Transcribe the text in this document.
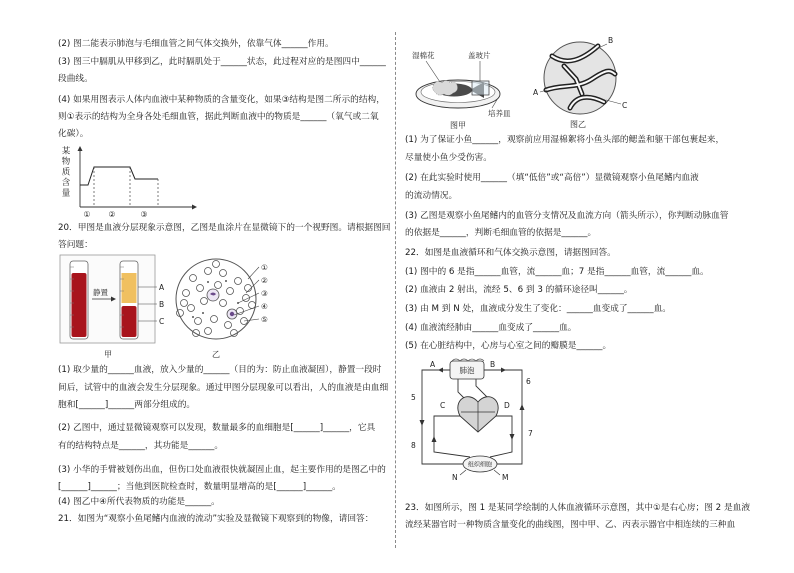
(2) 图二能表示肺泡与毛细血管之间气体交换外，依靠气体______作用。
(3) 图三中膈肌从甲移到乙，此时膈肌处于______状态，此过程对应的是图四中______
段曲线。
(4) 如果用图表示人体内血液中某种物质的含量变化，如果③结构是图二所示的结构，
则①表示的结构为全身各处毛细血管，据此判断血液中的物质是______（氧气或二氧
化碳）。
某物质含量
① ②	③
20．甲图是血液分层现象示意图，乙图是血涂片在显微镜下的一个视野图。请根据图回
答问题：
静置
A
B
C
①
②
③
④
⑤
甲	乙
(1) 取少量的______血液，放入少量的______（目的为：防止血液凝固），静置一段时
间后，试管中的血液会发生分层现象。通过甲图分层现象可以看出，人的血液是由血细
胞和[______]______两部分组成的。
(2) 乙图中，通过显微镜观察可以发现，数量最多的血细胞是[______]______，它具
有的结构特点是______，其功能是______。
(3) 小华的手臂被划伤出血，但伤口处血液很快就凝固止血，起主要作用的是图乙中的
[______]______；当他到医院检查时，数量明显增高的是[______]______。
(4) 图乙中④所代表物质的功能是______。
21．如图为“观察小鱼尾鳍内血液的流动”实验及显微镜下观察到的物像，请回答：
湿棉花	盖玻片
培养皿
图甲
A
B
C
图乙
(1) 为了保证小鱼______，观察前应用湿棉絮将小鱼头部的鳃盖和躯干部包裹起来，
尽量使小鱼少受伤害。
(2) 在此实验时使用______（填“低倍”或“高倍”）显微镜观察小鱼尾鳍内血液
的流动情况。
(3) 乙图是观察小鱼尾鳍内的血管分支情况及血流方向（箭头所示），你判断动脉血管
的依据是______，判断毛细血管的依据是______。
22．如图是血液循环和气体交换示意图，请据图回答。
(1) 图中的 6 是指______血管，流______血；7 是指______血管，流______血。
(2) 血液由 2 射出，流经 5、6 到 3 的循环途径叫______。
(3) 由 M 到 N 处，血液成分发生了变化：______血变成了______血。
(4) 血液流经肺由______血变成了______血。
(5) 在心脏结构中，心房与心室之间的瓣膜是______。
肺泡
组织细胞
A	B
C	D
5
6
7
8
N	M
23．如图所示，图 1 是某同学绘制的人体血液循环示意图，其中①是右心房；图 2 是血液
流经某器官时一种物质含量变化的曲线图，图中甲、乙、丙表示器官中相连续的三种血
